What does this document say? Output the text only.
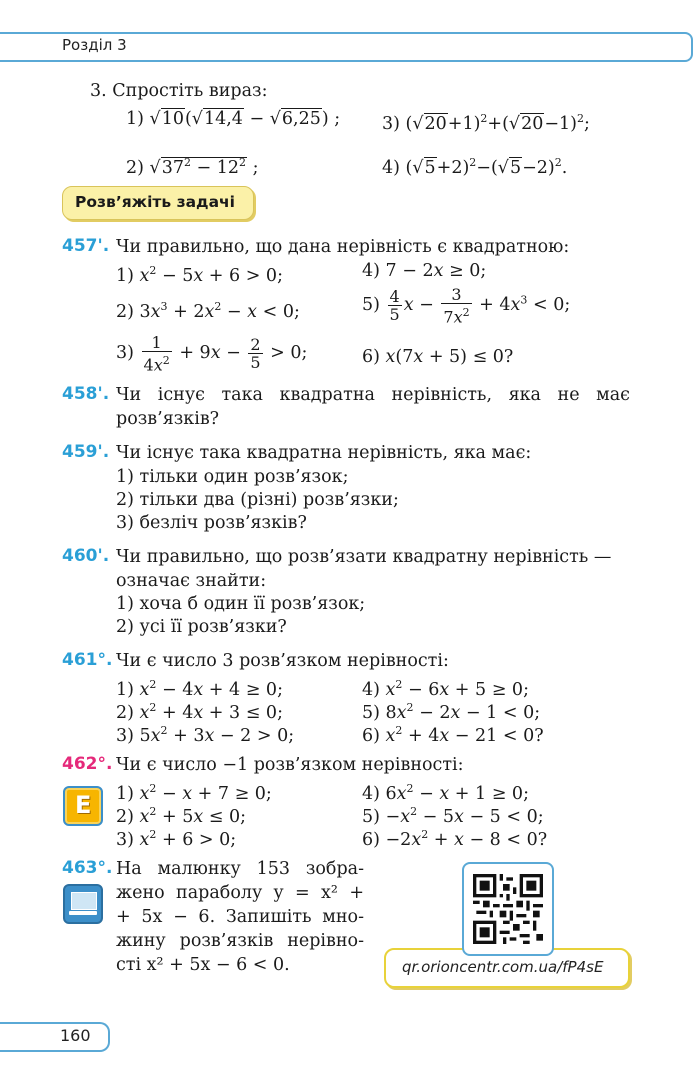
Розділ 3
3. Спростіть вираз:
1) √10(√14,4 − √6,25) ; 3) $(√20+1)^2+(√20-1)^2$;
2) $√37^2 - 12^2$ ;	4) $(√5+2)^2-(√5-2)^2$.
Розв’яжіть задачі
457'. Чи правильно, що дана нерівність є квадратною:
1) $x^2 - 5x + 6 > 0$;	4) 7 − 2x ≥ 0;
2) $3x^3 + 2x^2 - x < 0$;	$5) \frac{4}{5}$ $x - \frac{3}{7x^2} + 4x^3 < 0$;
$3) \frac{1}{4x^2} + 9x - \frac{2}{5} > 0$;	6) x(7x + 5) ≤ 0?
458'. Чи існує така квадратна нерівність, яка не має
розв’язків?
459'. Чи існує така квадратна нерівність, яка має:
1) тільки один розв’язок;
2) тільки два (різні) розв’язки;
3) безліч розв’язків?
460'. Чи правильно, що розв’язати квадратну нерівність —
означає знайти:
1) хоча б один її розв’язок;
2) усі її розв’язки?
461°. Чи є число 3 розв’язком нерівності:
1) $x^2 - 4x + 4 \ge 0$;	4) $x^2 - 6x + 5 \ge 0$;
2) $x^2 + 4x + 3 \le 0$;	5) $8x^2 - 2x - 1 < 0$;
3) $5x^2 + 3x - 2 > 0$;	6) $x^2 + 4x - 21 < 0$?
462°. Чи є число −1 розв’язком нерівності:
E 1) $x^2 - x + 7 \ge 0$;	4) $6x^2 - x + 1 \ge 0$;
2) $x^2 + 5x \le 0$;	$5) -x^2 - 5x - 5 < 0$;
3) $x^2 + 6 > 0$;	$6) -2x^2 + x - 8 < 0$?
463°. На малюнку 153 зобра-
жено параболу y = x² +
+ 5x − 6. Запишіть мно-
жину розв’язків нерівно-
сті x² + 5x − 6 < 0.	qr.orioncentr.com.ua/fP4sE
160
